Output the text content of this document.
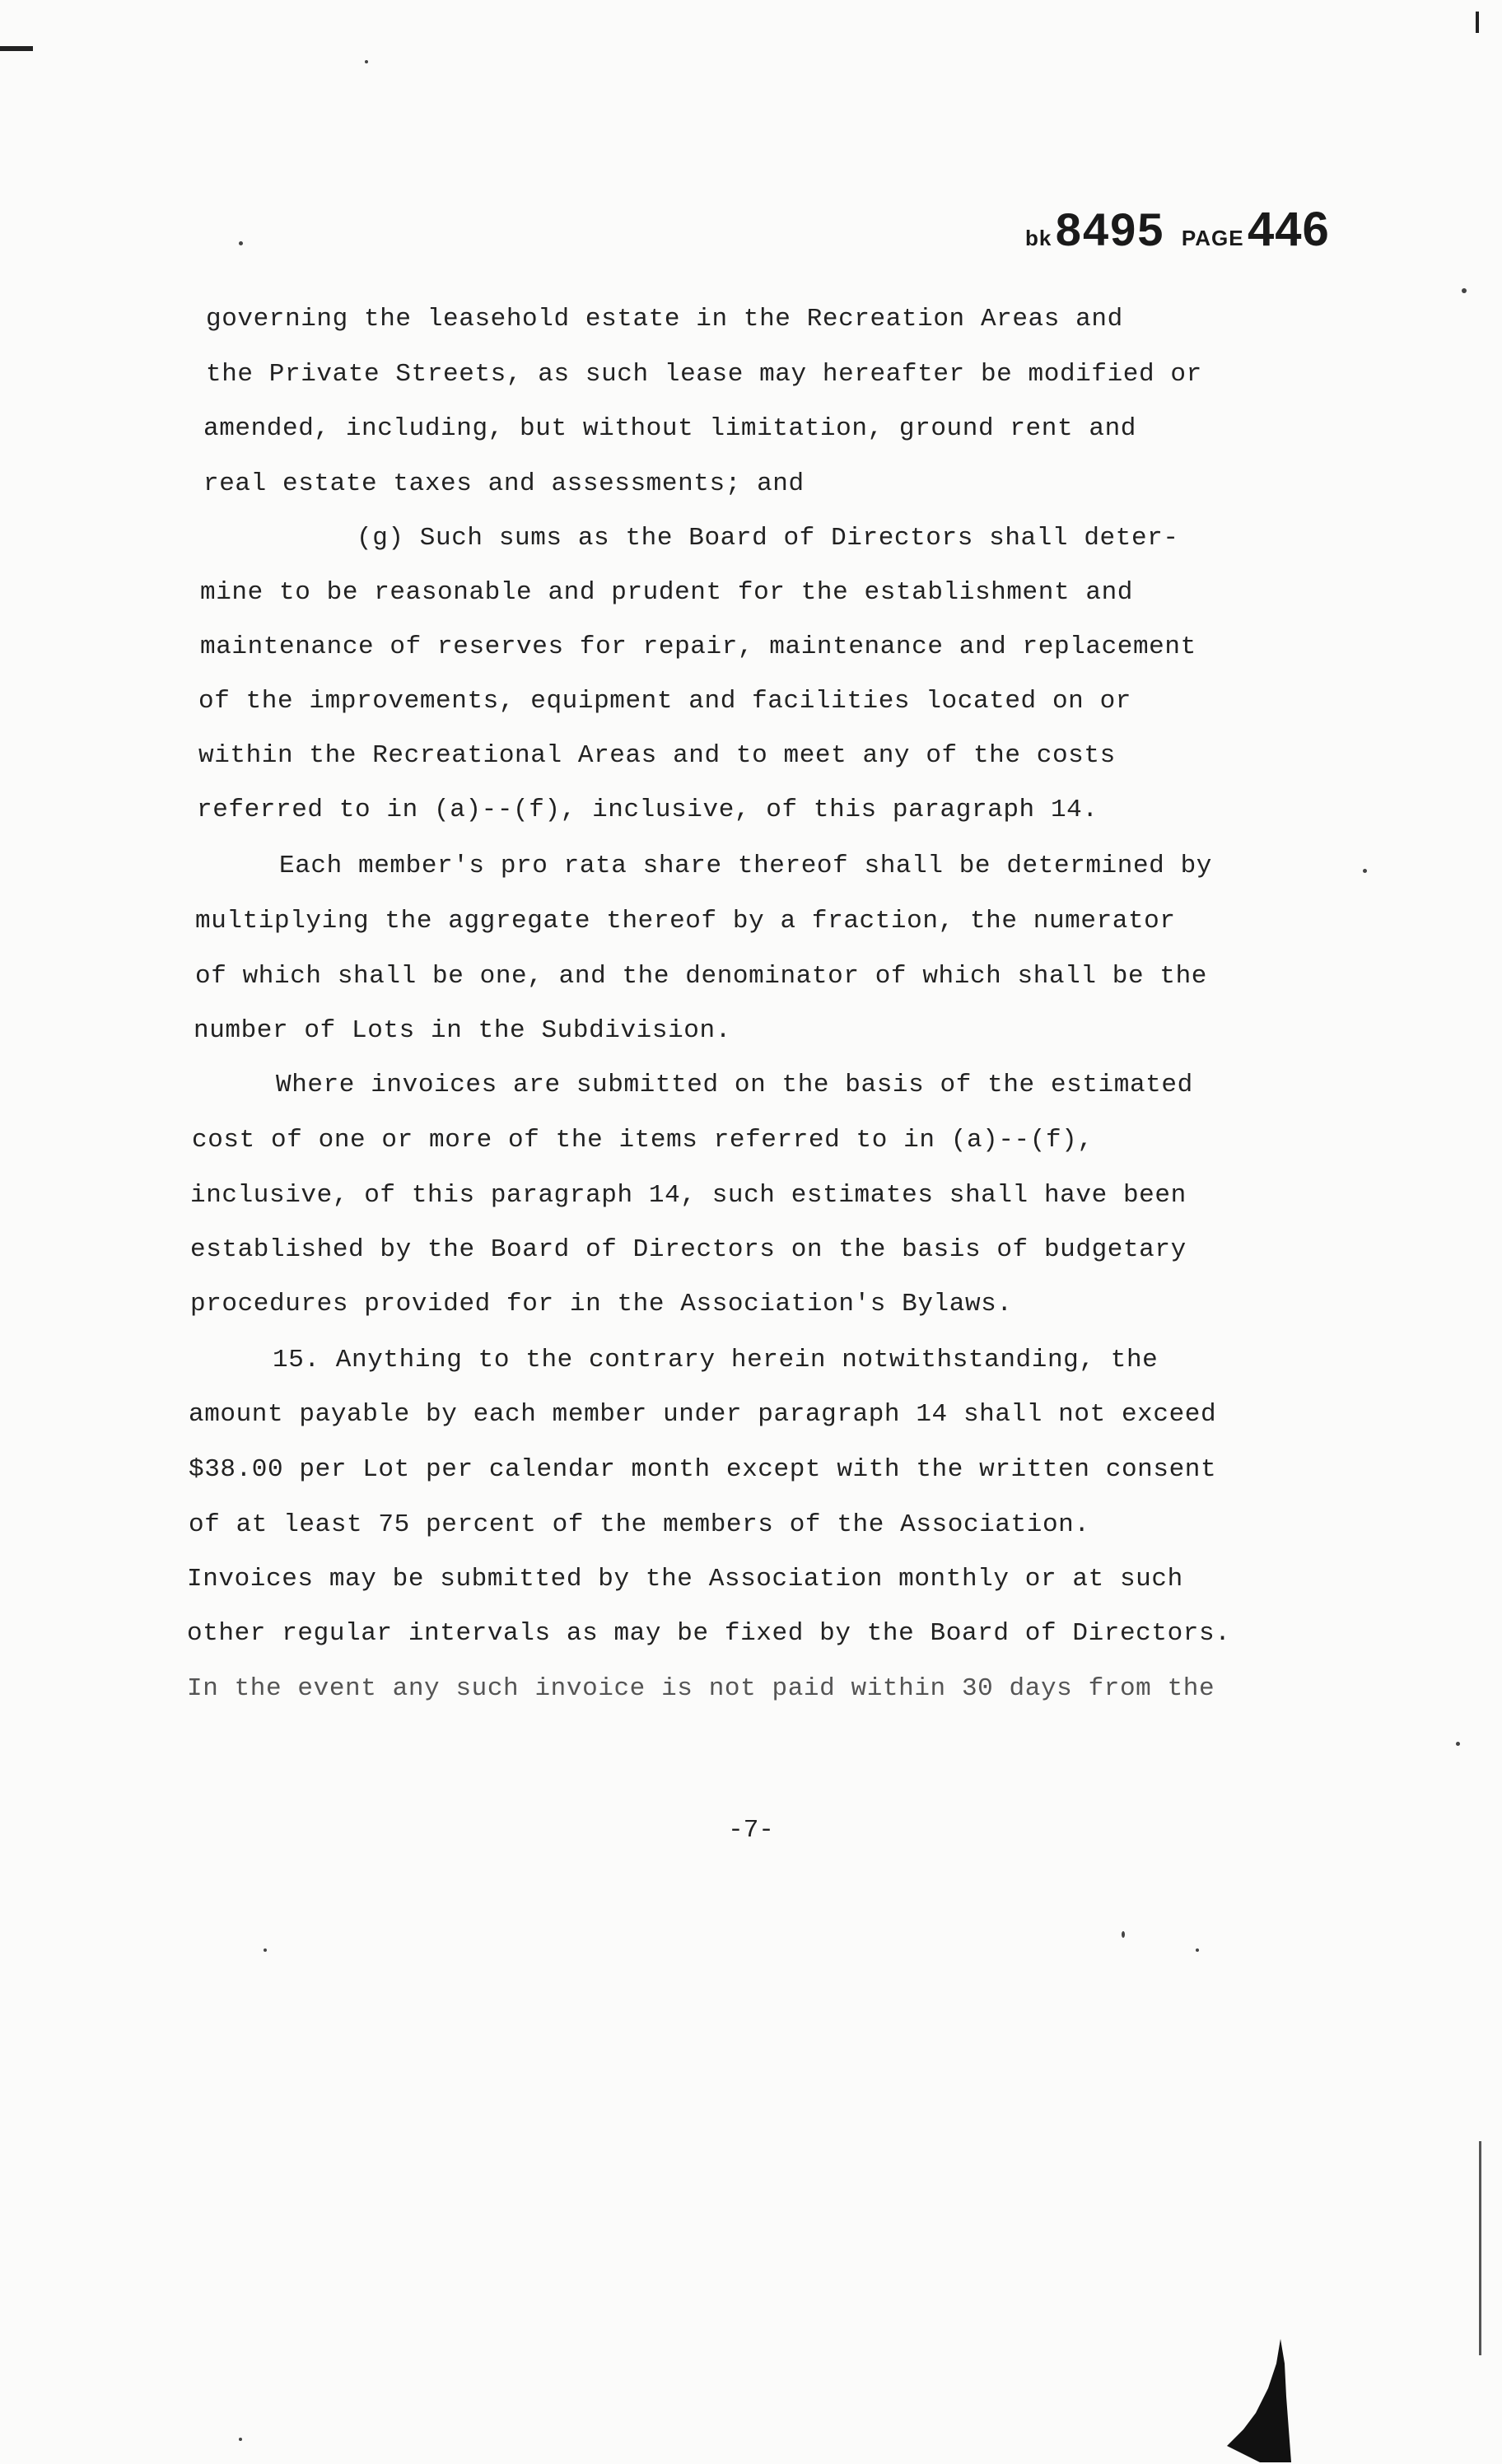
bk 8495 PAGE 446
governing the leasehold estate in the Recreation Areas and
the Private Streets, as such lease may hereafter be modified or
amended, including, but without limitation, ground rent and
real estate taxes and assessments; and
(g) Such sums as the Board of Directors shall deter-
mine to be reasonable and prudent for the establishment and
maintenance of reserves for repair, maintenance and replacement
of the improvements, equipment and facilities located on or
within the Recreational Areas and to meet any of the costs
referred to in (a)--(f), inclusive, of this paragraph 14.
Each member's pro rata share thereof shall be determined by
multiplying the aggregate thereof by a fraction, the numerator
of which shall be one, and the denominator of which shall be the
number of Lots in the Subdivision.
Where invoices are submitted on the basis of the estimated
cost of one or more of the items referred to in (a)--(f),
inclusive, of this paragraph 14, such estimates shall have been
established by the Board of Directors on the basis of budgetary
procedures provided for in the Association's Bylaws.
15. Anything to the contrary herein notwithstanding, the
amount payable by each member under paragraph 14 shall not exceed
$38.00 per Lot per calendar month except with the written consent
of at least 75 percent of the members of the Association.
Invoices may be submitted by the Association monthly or at such
other regular intervals as may be fixed by the Board of Directors.
In the event any such invoice is not paid within 30 days from the
-7-
